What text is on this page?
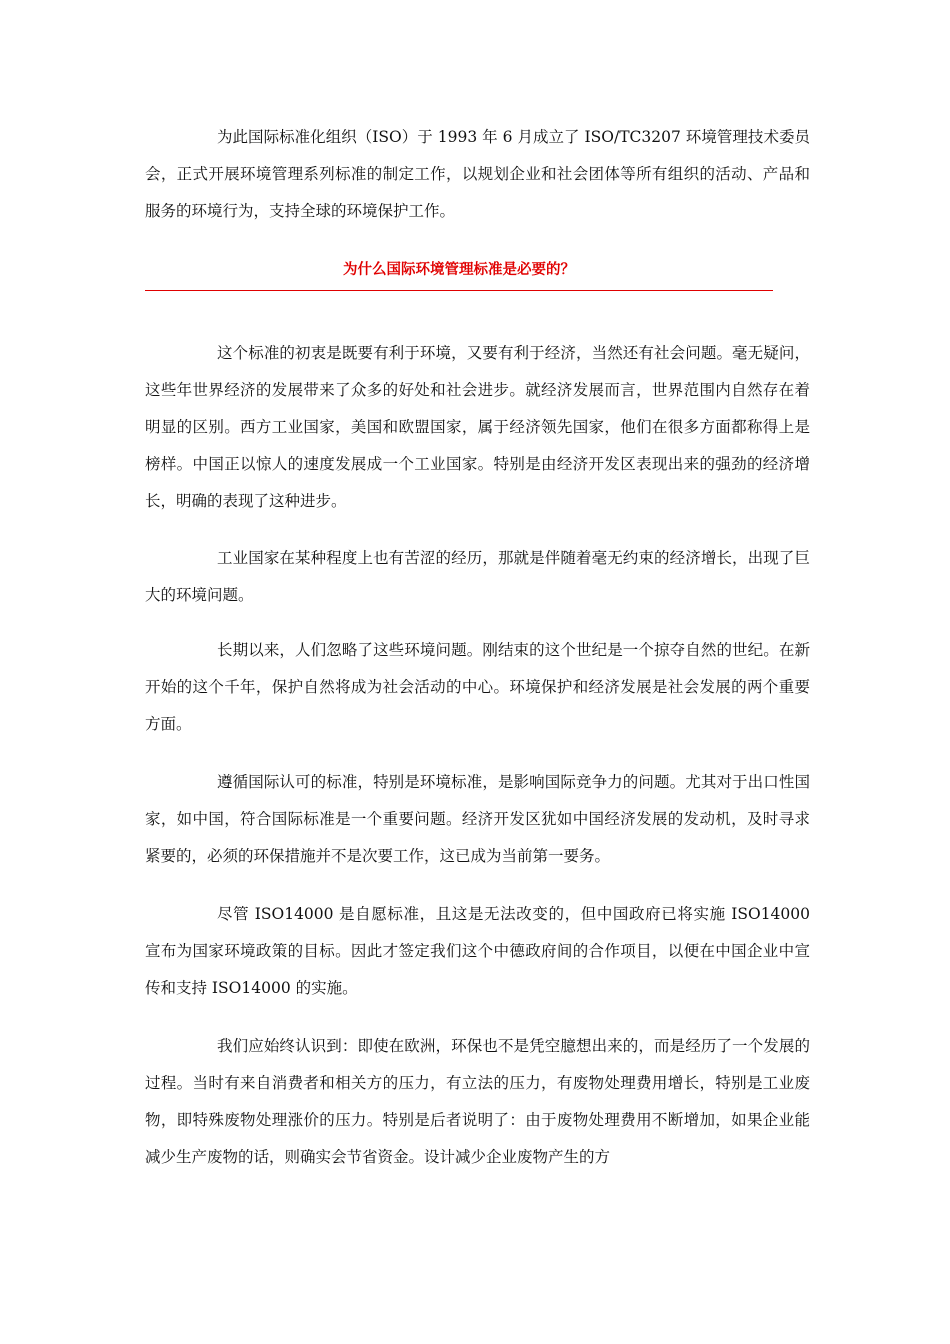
为此国际标准化组织（ISO）于 1993 年 6 月成立了 ISO/TC3207 环境管理技术委员会，正式开展环境管理系列标准的制定工作，以规划企业和社会团体等所有组织的活动、产品和服务的环境行为，支持全球的环境保护工作。

为什么国际环境管理标准是必要的？

这个标准的初衷是既要有利于环境，又要有利于经济，当然还有社会问题。毫无疑问，这些年世界经济的发展带来了众多的好处和社会进步。就经济发展而言，世界范围内自然存在着明显的区别。西方工业国家，美国和欧盟国家，属于经济领先国家，他们在很多方面都称得上是榜样。中国正以惊人的速度发展成一个工业国家。特别是由经济开发区表现出来的强劲的经济增长，明确的表现了这种进步。

工业国家在某种程度上也有苦涩的经历，那就是伴随着毫无约束的经济增长，出现了巨大的环境问题。

长期以来，人们忽略了这些环境问题。刚结束的这个世纪是一个掠夺自然的世纪。在新开始的这个千年，保护自然将成为社会活动的中心。环境保护和经济发展是社会发展的两个重要方面。

遵循国际认可的标准，特别是环境标准，是影响国际竞争力的问题。尤其对于出口性国家，如中国，符合国际标准是一个重要问题。经济开发区犹如中国经济发展的发动机，及时寻求紧要的，必须的环保措施并不是次要工作，这已成为当前第一要务。

尽管 ISO14000 是自愿标准，且这是无法改变的，但中国政府已将实施 ISO14000 宣布为国家环境政策的目标。因此才签定我们这个中德政府间的合作项目，以便在中国企业中宣传和支持 ISO14000 的实施。

我们应始终认识到：即使在欧洲，环保也不是凭空臆想出来的，而是经历了一个发展的过程。当时有来自消费者和相关方的压力，有立法的压力，有废物处理费用增长，特别是工业废物，即特殊废物处理涨价的压力。特别是后者说明了：由于废物处理费用不断增加，如果企业能减少生产废物的话，则确实会节省资金。设计减少企业废物产生的方
